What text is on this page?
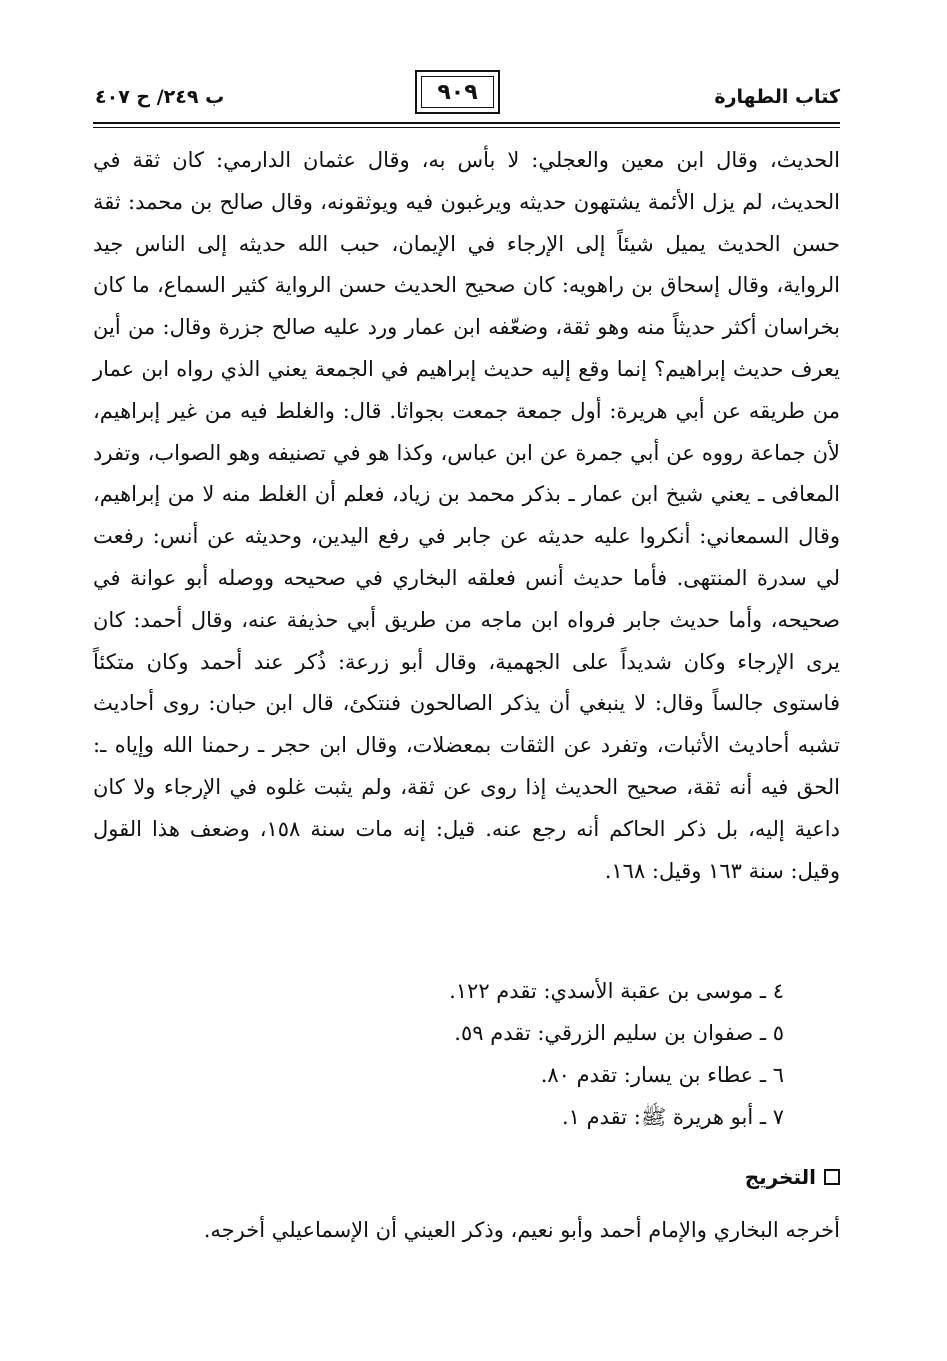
كتاب الطهارة
٩٠٩
ب ٢٤٩/ ح ٤٠٧

الحديث، وقال ابن معين والعجلي: لا بأس به، وقال عثمان الدارمي: كان ثقة في الحديث، لم يزل الأئمة يشتهون حديثه ويرغبون فيه ويوثقونه، وقال صالح بن محمد: ثقة حسن الحديث يميل شيئاً إلى الإرجاء في الإيمان، حبب الله حديثه إلى الناس جيد الرواية، وقال إسحاق بن راهويه: كان صحيح الحديث حسن الرواية كثير السماع، ما كان بخراسان أكثر حديثاً منه وهو ثقة، وضعّفه ابن عمار ورد عليه صالح جزرة وقال: من أين يعرف حديث إبراهيم؟ إنما وقع إليه حديث إبراهيم في الجمعة يعني الذي رواه ابن عمار من طريقه عن أبي هريرة: أول جمعة جمعت بجواثا. قال: والغلط فيه من غير إبراهيم، لأن جماعة رووه عن أبي جمرة عن ابن عباس، وكذا هو في تصنيفه وهو الصواب، وتفرد المعافى ـ يعني شيخ ابن عمار ـ بذكر محمد بن زياد، فعلم أن الغلط منه لا من إبراهيم، وقال السمعاني: أنكروا عليه حديثه عن جابر في رفع اليدين، وحديثه عن أنس: رفعت لي سدرة المنتهى. فأما حديث أنس فعلقه البخاري في صحيحه ووصله أبو عوانة في صحيحه، وأما حديث جابر فرواه ابن ماجه من طريق أبي حذيفة عنه، وقال أحمد: كان يرى الإرجاء وكان شديداً على الجهمية، وقال أبو زرعة: ذُكر عند أحمد وكان متكئاً فاستوى جالساً وقال: لا ينبغي أن يذكر الصالحون فنتكئ، قال ابن حبان: روى أحاديث تشبه أحاديث الأثبات، وتفرد عن الثقات بمعضلات، وقال ابن حجر ـ رحمنا الله وإياه ـ: الحق فيه أنه ثقة، صحيح الحديث إذا روى عن ثقة، ولم يثبت غلوه في الإرجاء ولا كان داعية إليه، بل ذكر الحاكم أنه رجع عنه. قيل: إنه مات سنة ١٥٨، وضعف هذا القول وقيل: سنة ١٦٣ وقيل: ١٦٨.

٤ ـ موسى بن عقبة الأسدي: تقدم ١٢٢.
٥ ـ صفوان بن سليم الزرقي: تقدم ٥٩.
٦ ـ عطاء بن يسار: تقدم ٨٠.
٧ ـ أبو هريرة ﷺ: تقدم ١.
التخريج

أخرجه البخاري والإمام أحمد وأبو نعيم، وذكر العيني أن الإسماعيلي أخرجه.
